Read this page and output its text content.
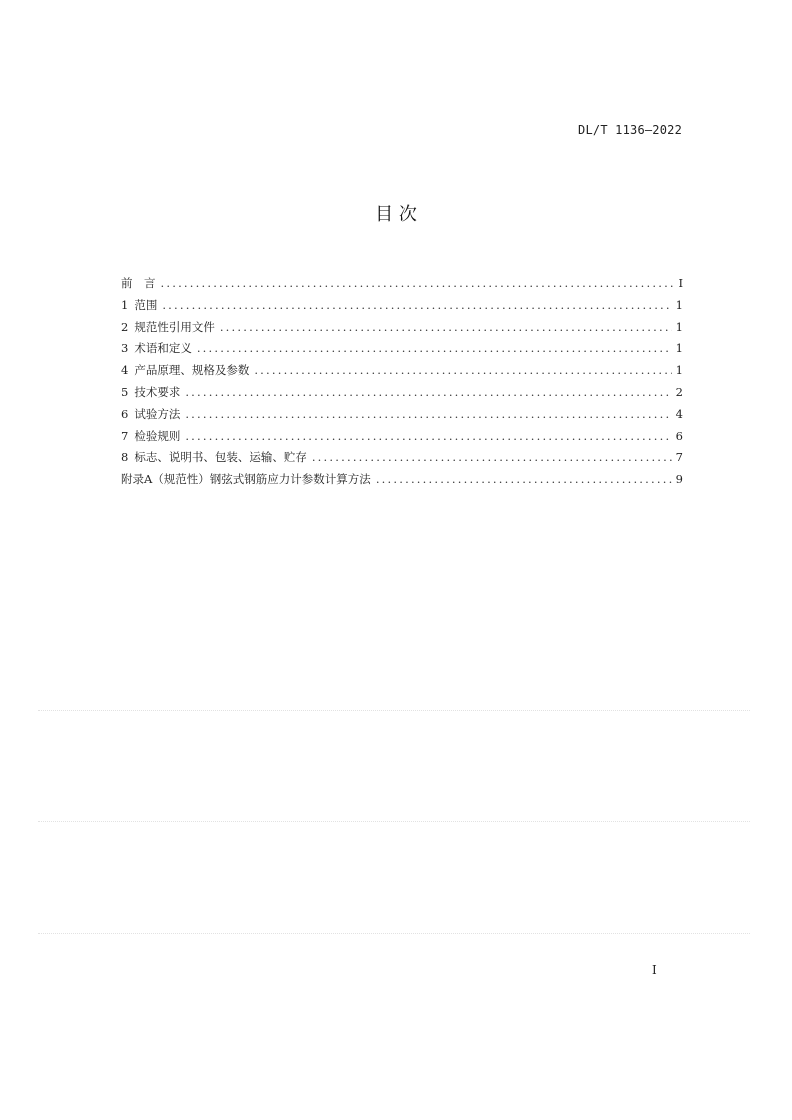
DL/T 1136—2022
目 次
前　言 .....	I
1 范围 .....	1
2 规范性引用文件 .....	1
3 术语和定义 .....	1
4 产品原理、规格及参数 .....	1
5 技术要求 .....	2
6 试验方法 .....	4
7 检验规则 .....	6
8 标志、说明书、包装、运输、贮存 .....	7
附录A（规范性）钢弦式钢筋应力计参数计算方法 .....	9
I
